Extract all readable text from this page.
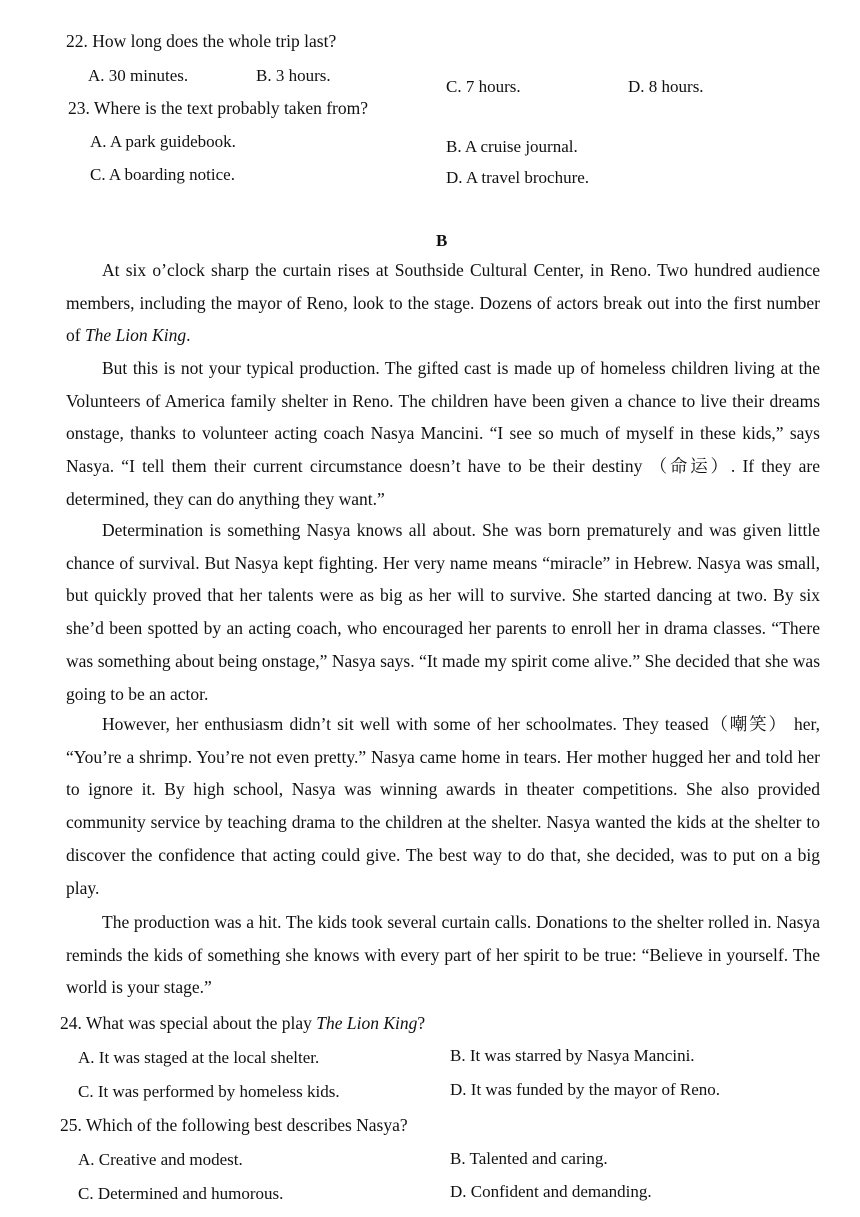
22. How long does the whole trip last?
A. 30 minutes.	B. 3 hours.
C. 7 hours.	D. 8 hours.
23. Where is the text probably taken from?
A. A park guidebook.	B. A cruise journal.
C. A boarding notice.	D. A travel brochure.
B
At six o’clock sharp the curtain rises at Southside Cultural Center, in Reno. Two hundred audience members, including the mayor of Reno, look to the stage. Dozens of actors break out into the first number of The Lion King.
But this is not your typical production. The gifted cast is made up of homeless children living at the Volunteers of America family shelter in Reno. The children have been given a chance to live their dreams onstage, thanks to volunteer acting coach Nasya Mancini. “I see so much of myself in these kids,” says Nasya. “I tell them their current circumstance doesn’t have to be their destiny （命运）. If they are determined, they can do anything they want.”
Determination is something Nasya knows all about. She was born prematurely and was given little chance of survival. But Nasya kept fighting. Her very name means “miracle” in Hebrew. Nasya was small, but quickly proved that her talents were as big as her will to survive. She started dancing at two. By six she’d been spotted by an acting coach, who encouraged her parents to enroll her in drama classes. “There was something about being onstage,” Nasya says. “It made my spirit come alive.” She decided that she was going to be an actor.
However, her enthusiasm didn’t sit well with some of her schoolmates. They teased（嘲笑） her, “You’re a shrimp. You’re not even pretty.” Nasya came home in tears. Her mother hugged her and told her to ignore it. By high school, Nasya was winning awards in theater competitions. She also provided community service by teaching drama to the children at the shelter. Nasya wanted the kids at the shelter to discover the confidence that acting could give. The best way to do that, she decided, was to put on a big play.
The production was a hit. The kids took several curtain calls. Donations to the shelter rolled in. Nasya reminds the kids of something she knows with every part of her spirit to be true: “Believe in yourself. The world is your stage.”
24. What was special about the play The Lion King?
A. It was staged at the local shelter.	B. It was starred by Nasya Mancini.
C. It was performed by homeless kids.	D. It was funded by the mayor of Reno.
25. Which of the following best describes Nasya?
A. Creative and modest.	B. Talented and caring.
C. Determined and humorous.	D. Confident and demanding.
